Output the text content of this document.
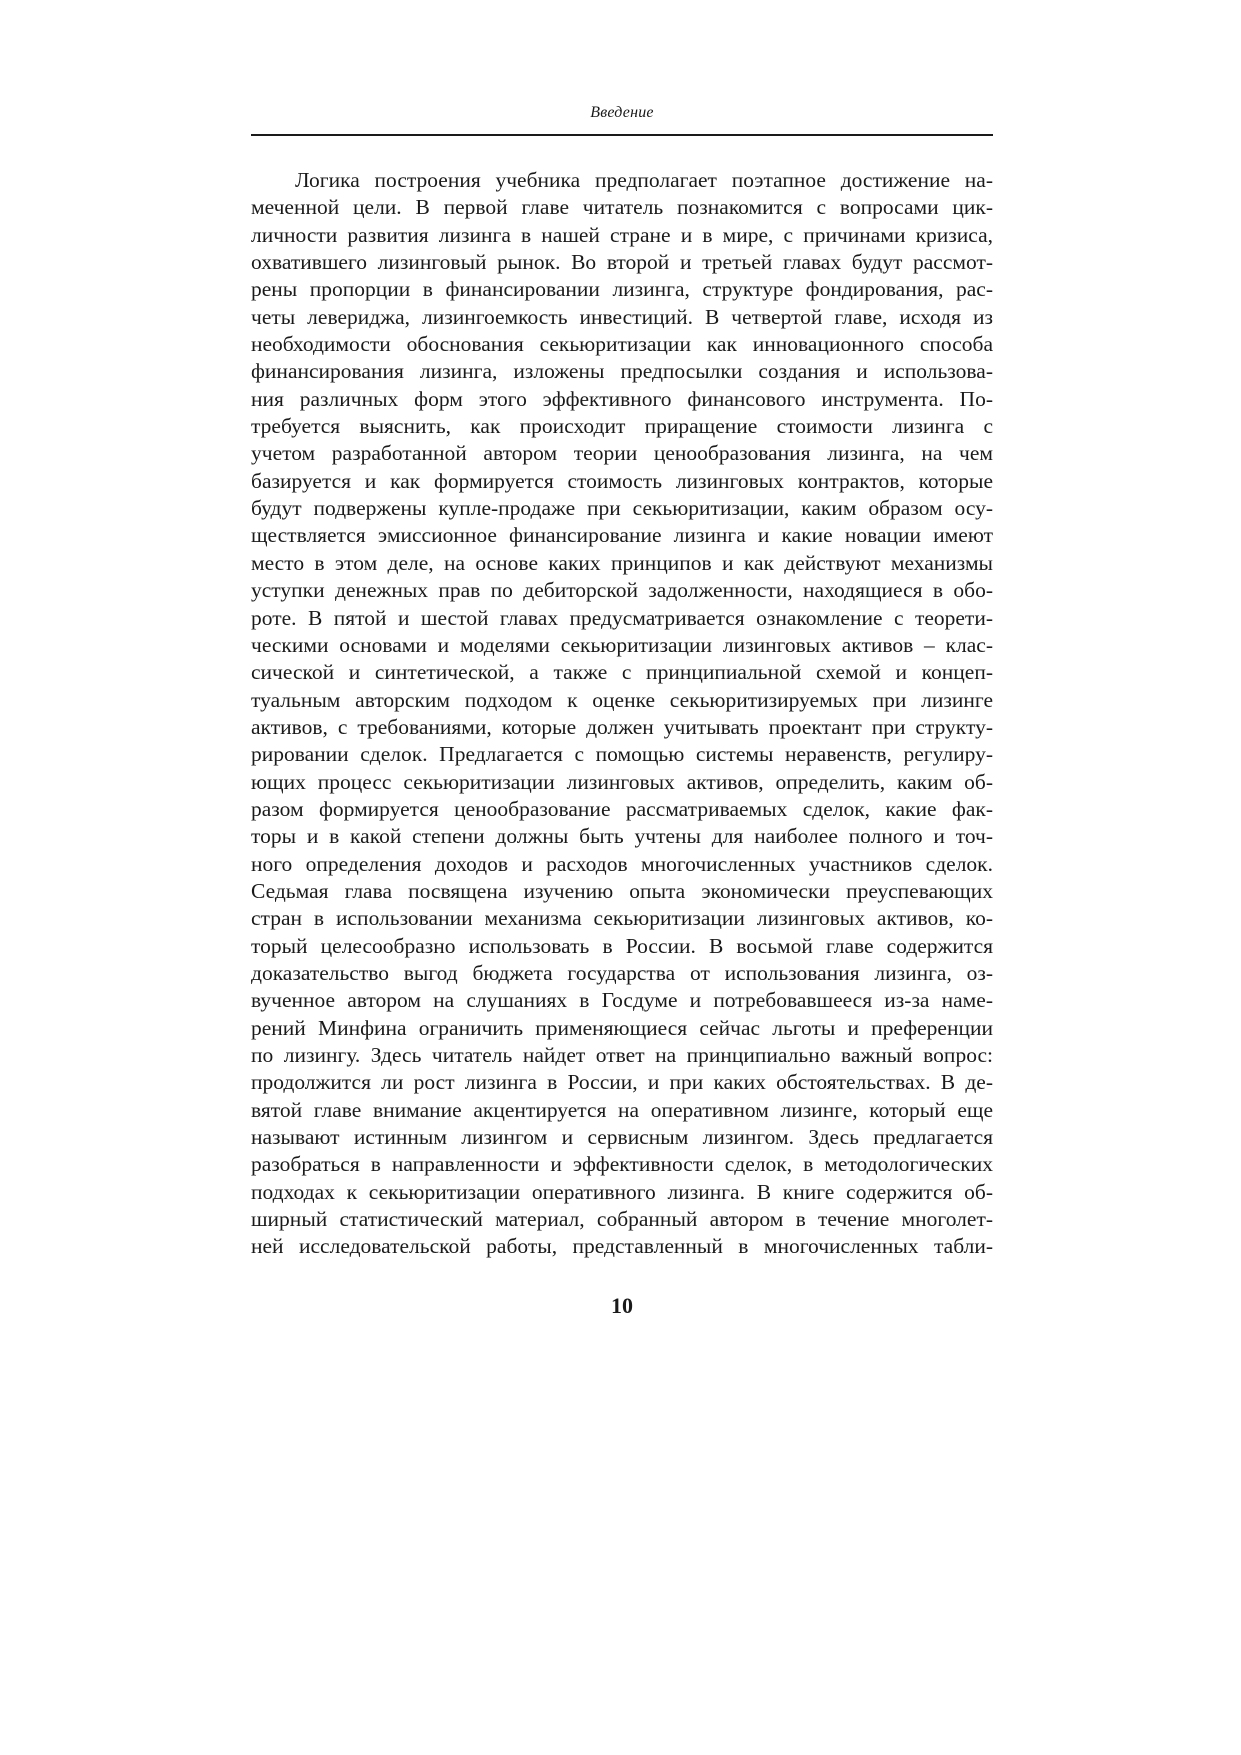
Введение
Логика построения учебника предполагает поэтапное достижение на-
меченной цели. В первой главе читатель познакомится с вопросами цик-
личности развития лизинга в нашей стране и в мире, с причинами кризиса,
охватившего лизинговый рынок. Во второй и третьей главах будут рассмот-
рены пропорции в финансировании лизинга, структуре фондирования, рас-
четы левериджа, лизингоемкость инвестиций. В четвертой главе, исходя из
необходимости обоснования секьюритизации как инновационного способа
финансирования лизинга, изложены предпосылки создания и использова-
ния различных форм этого эффективного финансового инструмента. По-
требуется выяснить, как происходит приращение стоимости лизинга с
учетом разработанной автором теории ценообразования лизинга, на чем
базируется и как формируется стоимость лизинговых контрактов, которые
будут подвержены купле-продаже при секьюритизации, каким образом осу-
ществляется эмиссионное финансирование лизинга и какие новации имеют
место в этом деле, на основе каких принципов и как действуют механизмы
уступки денежных прав по дебиторской задолженности, находящиеся в обо-
роте. В пятой и шестой главах предусматривается ознакомление с теорети-
ческими основами и моделями секьюритизации лизинговых активов – клас-
сической и синтетической, а также с принципиальной схемой и концеп-
туальным авторским подходом к оценке секьюритизируемых при лизинге
активов, с требованиями, которые должен учитывать проектант при структу-
рировании сделок. Предлагается с помощью системы неравенств, регулиру-
ющих процесс секьюритизации лизинговых активов, определить, каким об-
разом формируется ценообразование рассматриваемых сделок, какие фак-
торы и в какой степени должны быть учтены для наиболее полного и точ-
ного определения доходов и расходов многочисленных участников сделок.
Седьмая глава посвящена изучению опыта экономически преуспевающих
стран в использовании механизма секьюритизации лизинговых активов, ко-
торый целесообразно использовать в России. В восьмой главе содержится
доказательство выгод бюджета государства от использования лизинга, оз-
вученное автором на слушаниях в Госдуме и потребовавшееся из-за наме-
рений Минфина ограничить применяющиеся сейчас льготы и преференции
по лизингу. Здесь читатель найдет ответ на принципиально важный вопрос:
продолжится ли рост лизинга в России, и при каких обстоятельствах. В де-
вятой главе внимание акцентируется на оперативном лизинге, который еще
называют истинным лизингом и сервисным лизингом. Здесь предлагается
разобраться в направленности и эффективности сделок, в методологических
подходах к секьюритизации оперативного лизинга. В книге содержится об-
ширный статистический материал, собранный автором в течение многолет-
ней исследовательской работы, представленный в многочисленных табли-
10
